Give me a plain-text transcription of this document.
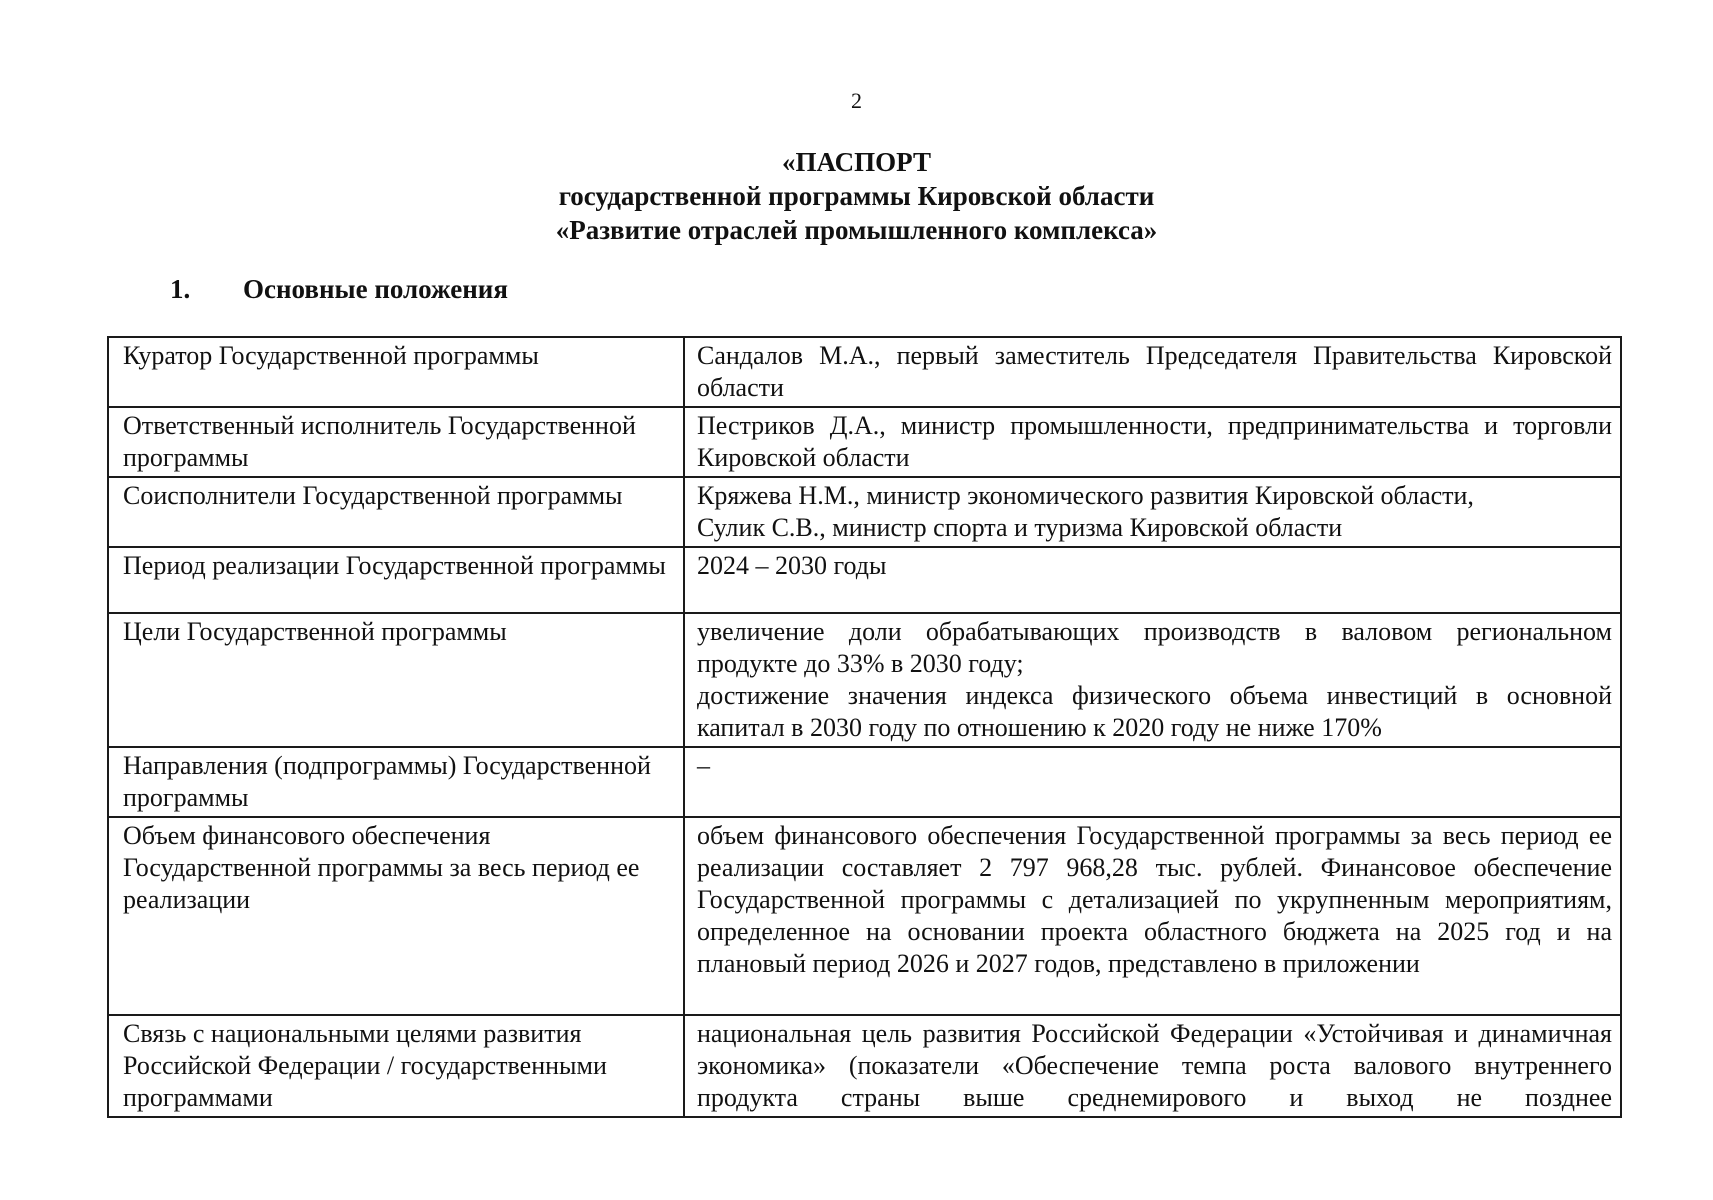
2
«ПАСПОРТ
государственной программы Кировской области
«Развитие отраслей промышленного комплекса»
1. Основные положения
Куратор Государственной программы	Сандалов М.А., первый заместитель Председателя Правительства Кировской области

Ответственный исполнитель Государственной программы	Пестриков Д.А., министр промышленности, предпринимательства и торговли Кировской области

Соисполнители Государственной программы	Кряжева Н.М., министр экономического развития Кировской области,
Сулик С.В., министр спорта и туризма Кировской области

Период реализации Государственной программы	2024 – 2030 годы

Цели Государственной программы	увеличение доли обрабатывающих производств в валовом региональном продукте до 33% в 2030 году;
достижение значения индекса физического объема инвестиций в основной капитал в 2030 году по отношению к 2020 году не ниже 170%

Направления (подпрограммы) Государственной программы	–

Объем финансового обеспечения Государственной программы за весь период ее реализации	объем финансового обеспечения Государственной программы за весь период ее реализации составляет 2 797 968,28 тыс. рублей. Финансовое обеспечение Государственной программы с детализацией по укрупненным мероприятиям, определенное на основании проекта областного бюджета на 2025 год и на плановый период 2026 и 2027 годов, представлено в приложении

Связь с национальными целями развития Российской Федерации / государственными программами	национальная цель развития Российской Федерации «Устойчивая и динамичная экономика» (показатели «Обеспечение темпа роста валового внутреннего продукта страны выше среднемирового и выход не позднее
